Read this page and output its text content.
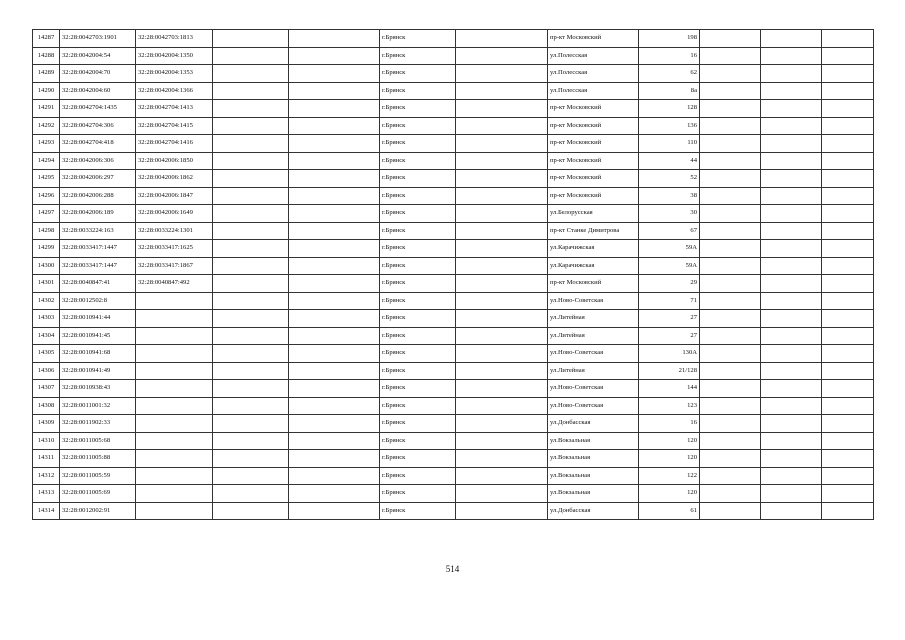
14287	32:28:0042703:1901	32:28:0042703:1813			г.Брянск		пр-кт Московский	198			
14288	32:28:0042004:54	32:28:0042004:1350			г.Брянск		ул.Полесская	16			
14289	32:28:0042004:70	32:28:0042004:1353			г.Брянск		ул.Полесская	62			
14290	32:28:0042004:60	32:28:0042004:1366			г.Брянск		ул.Полесская	8а			
14291	32:28:0042704:1435	32:28:0042704:1413			г.Брянск		пр-кт Московский	128			
14292	32:28:0042704:306	32:28:0042704:1415			г.Брянск		пр-кт Московский	136			
14293	32:28:0042704:418	32:28:0042704:1416			г.Брянск		пр-кт Московский	110			
14294	32:28:0042006:306	32:28:0042006:1850			г.Брянск		пр-кт Московский	44			
14295	32:28:0042006:297	32:28:0042006:1862			г.Брянск		пр-кт Московский	52			
14296	32:28:0042006:288	32:28:0042006:1847			г.Брянск		пр-кт Московский	38			
14297	32:28:0042006:189	32:28:0042006:1649			г.Брянск		ул.Белорусская	30			
14298	32:28:0033224:163	32:28:0033224:1301			г.Брянск		пр-кт Станке Димитрова	67			
14299	32:28:0033417:1447	32:28:0033417:1625			г.Брянск		ул.Карачижская	59А			
14300	32:28:0033417:1447	32:28:0033417:1867			г.Брянск		ул.Карачижская	59А			
14301	32:28:0040847:41	32:28:0040847:492			г.Брянск		пр-кт Московский	29			
14302	32:28:0012502:8				г.Брянск		ул.Ново-Советская	71			
14303	32:28:0010941:44				г.Брянск		ул.Литейная	27			
14304	32:28:0010941:45				г.Брянск		ул.Литейная	27			
14305	32:28:0010941:68				г.Брянск		ул.Ново-Советская	130А			
14306	32:28:0010941:49				г.Брянск		ул.Литейная	21/128			
14307	32:28:0010938:43				г.Брянск		ул.Ново-Советская	144			
14308	32:28:0011001:32				г.Брянск		ул.Ново-Советская	123			
14309	32:28:0011902:33				г.Брянск		ул.Донбасская	16			
14310	32:28:0011005:68				г.Брянск		ул.Вокзальная	120			
14311	32:28:0011005:88				г.Брянск		ул.Вокзальная	120			
14312	32:28:0011005:59				г.Брянск		ул.Вокзальная	122			
14313	32:28:0011005:69				г.Брянск		ул.Вокзальная	120			
14314	32:28:0012002:91				г.Брянск		ул.Донбасская	61			
514
